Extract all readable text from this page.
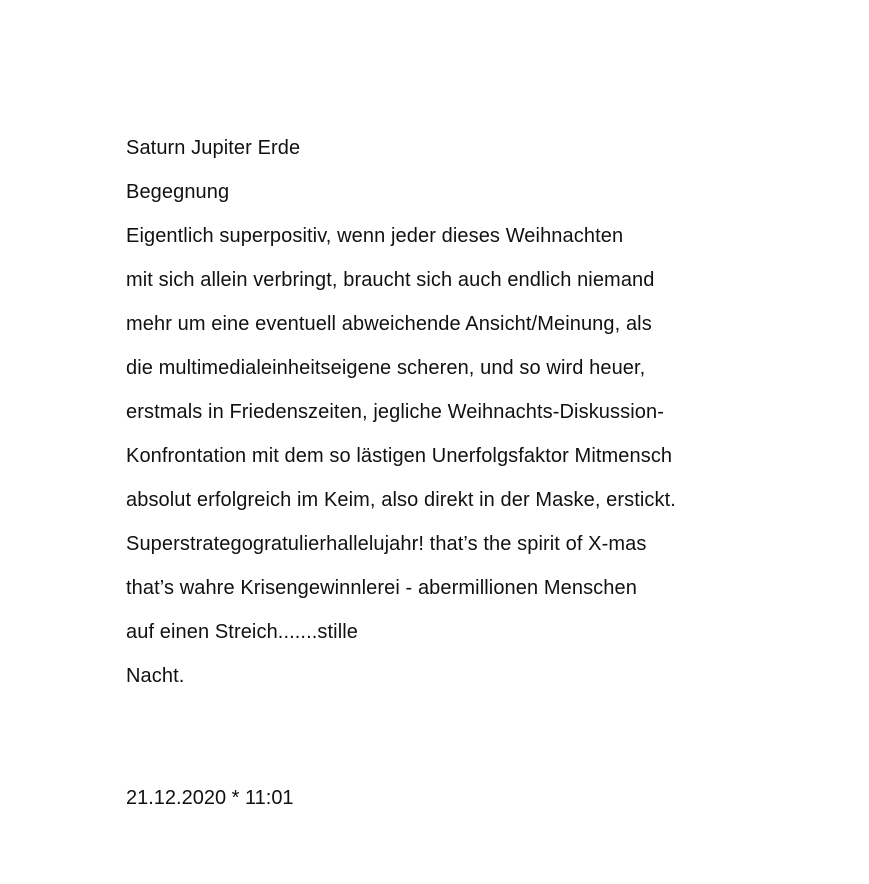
Saturn Jupiter Erde
Begegnung
Eigentlich superpositiv, wenn jeder dieses Weihnachten
mit sich allein verbringt, braucht sich auch endlich niemand
mehr um eine eventuell abweichende Ansicht/Meinung, als
die multimedialeinheitseigene scheren, und so wird heuer,
erstmals in Friedenszeiten, jegliche Weihnachts-Diskussion-
Konfrontation mit dem so lästigen Unerfolgsfaktor Mitmensch
absolut erfolgreich im Keim, also direkt in der Maske, erstickt.
Superstrategogratulierhallelujahr! that’s the spirit of X-mas
that’s wahre Krisengewinnlerei - abermillionen Menschen
auf einen Streich.......stille
Nacht.
21.12.2020 * 11:01
